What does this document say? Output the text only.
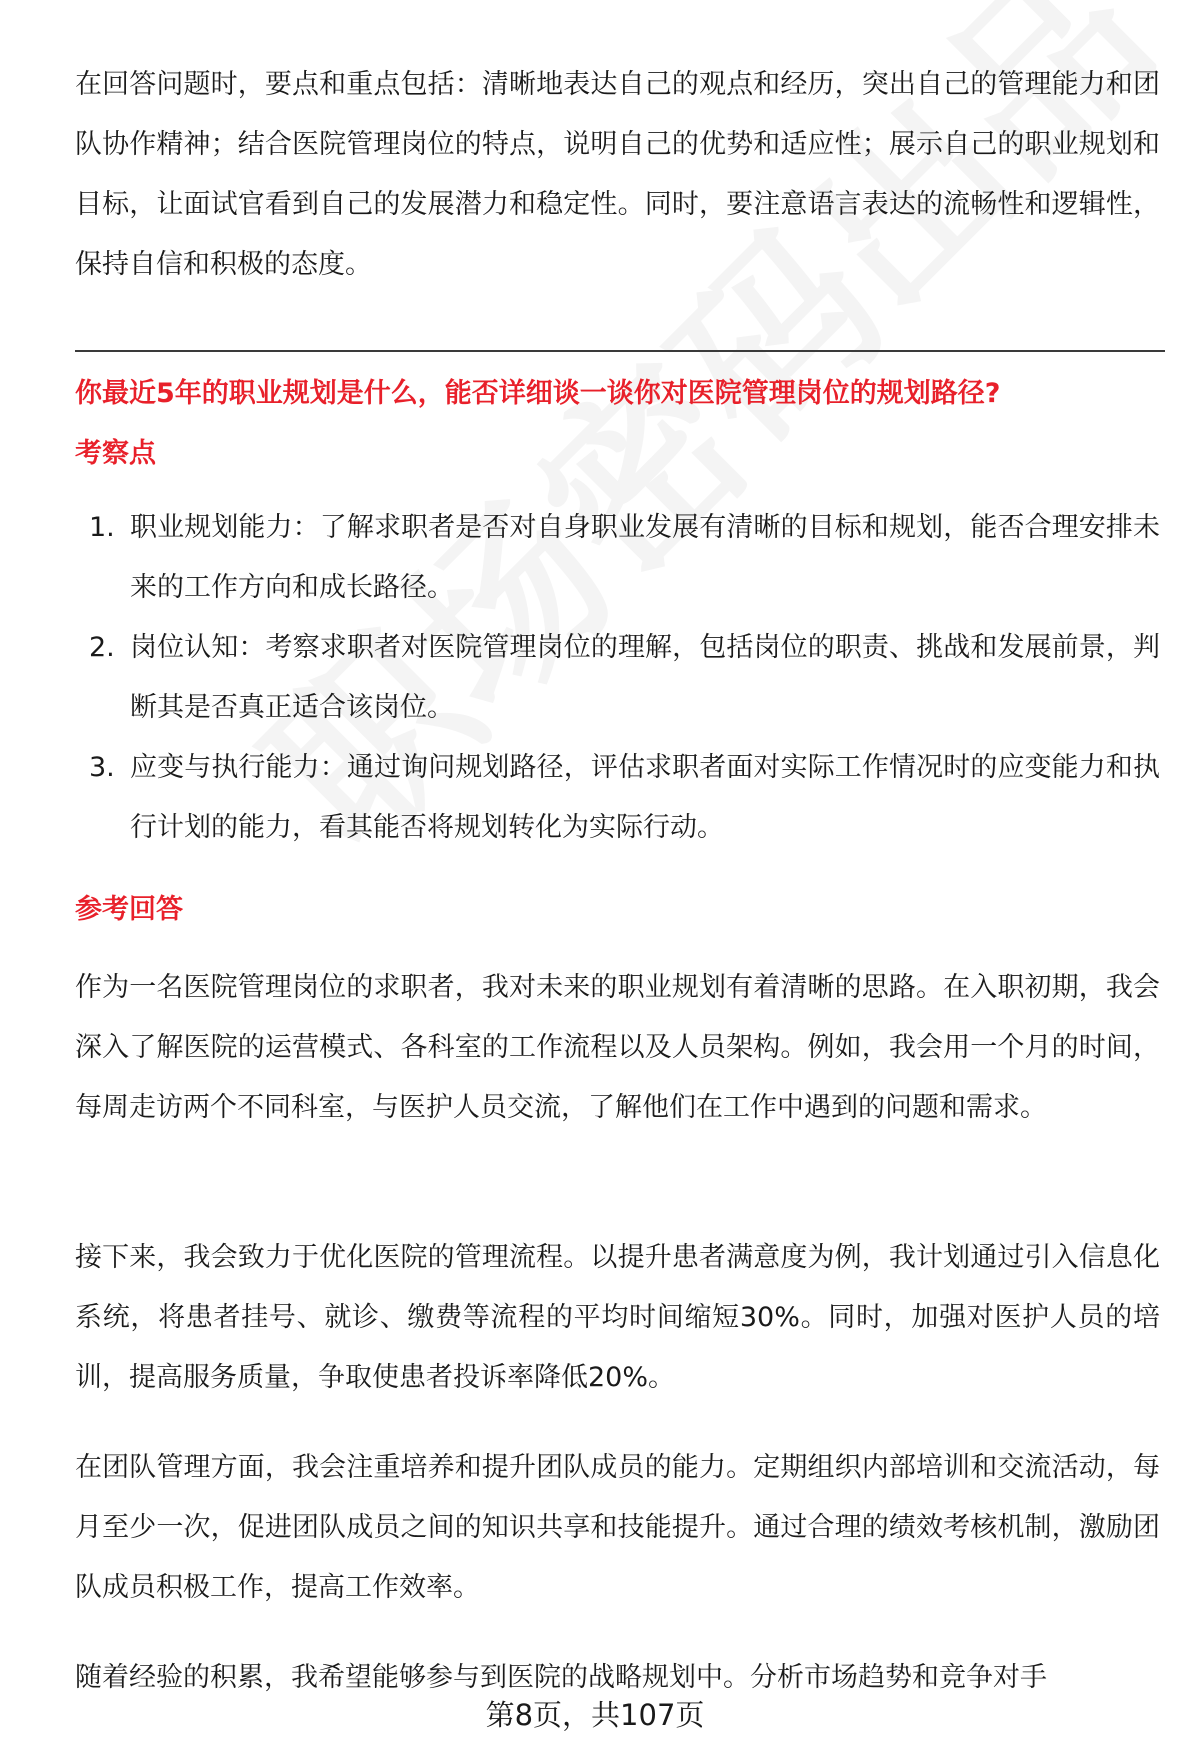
在回答问题时，要点和重点包括：清晰地表达自己的观点和经历，突出自己的管理能力和团队协作精神；结合医院管理岗位的特点，说明自己的优势和适应性；展示自己的职业规划和目标，让面试官看到自己的发展潜力和稳定性。同时，要注意语言表达的流畅性和逻辑性，保持自信和积极的态度。

你最近5年的职业规划是什么，能否详细谈一谈你对医院管理岗位的规划路径?

考察点

1. 职业规划能力：了解求职者是否对自身职业发展有清晰的目标和规划，能否合理安排未来的工作方向和成长路径。
2. 岗位认知：考察求职者对医院管理岗位的理解，包括岗位的职责、挑战和发展前景，判断其是否真正适合该岗位。
3. 应变与执行能力：通过询问规划路径，评估求职者面对实际工作情况时的应变能力和执行计划的能力，看其能否将规划转化为实际行动。

参考回答

作为一名医院管理岗位的求职者，我对未来的职业规划有着清晰的思路。在入职初期，我会深入了解医院的运营模式、各科室的工作流程以及人员架构。例如，我会用一个月的时间，每周走访两个不同科室，与医护人员交流，了解他们在工作中遇到的问题和需求。

接下来，我会致力于优化医院的管理流程。以提升患者满意度为例，我计划通过引入信息化系统，将患者挂号、就诊、缴费等流程的平均时间缩短30%。同时，加强对医护人员的培训，提高服务质量，争取使患者投诉率降低20%。

在团队管理方面，我会注重培养和提升团队成员的能力。定期组织内部培训和交流活动，每月至少一次，促进团队成员之间的知识共享和技能提升。通过合理的绩效考核机制，激励团队成员积极工作，提高工作效率。

随着经验的积累，我希望能够参与到医院的战略规划中。分析市场趋势和竞争对手

第8页，共107页
